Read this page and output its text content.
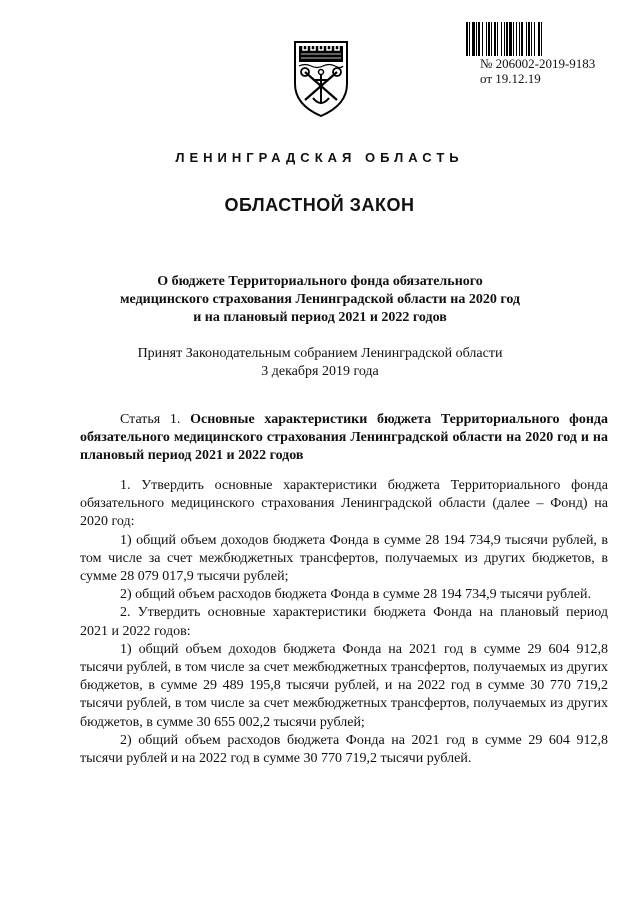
№ 206002-2019-9183
от 19.12.19
ЛЕНИНГРАДСКАЯ ОБЛАСТЬ
ОБЛАСТНОЙ ЗАКОН
О бюджете Территориального фонда обязательного медицинского страхования Ленинградской области на 2020 год и на плановый период 2021 и 2022 годов
Принят Законодательным собранием Ленинградской области
3 декабря 2019 года
Статья 1. Основные характеристики бюджета Территориального фонда обязательного медицинского страхования Ленинградской области на 2020 год и на плановый период 2021 и 2022 годов

1. Утвердить основные характеристики бюджета Территориального фонда обязательного медицинского страхования Ленинградской области (далее – Фонд) на 2020 год:

1) общий объем доходов бюджета Фонда в сумме 28 194 734,9 тысячи рублей, в том числе за счет межбюджетных трансфертов, получаемых из других бюджетов, в сумме 28 079 017,9 тысячи рублей;

2) общий объем расходов бюджета Фонда в сумме 28 194 734,9 тысячи рублей.

2. Утвердить основные характеристики бюджета Фонда на плановый период 2021 и 2022 годов:

1) общий объем доходов бюджета Фонда на 2021 год в сумме 29 604 912,8 тысячи рублей, в том числе за счет межбюджетных трансфертов, получаемых из других бюджетов, в сумме 29 489 195,8 тысячи рублей, и на 2022 год в сумме 30 770 719,2 тысячи рублей, в том числе за счет межбюджетных трансфертов, получаемых из других бюджетов, в сумме 30 655 002,2 тысячи рублей;

2) общий объем расходов бюджета Фонда на 2021 год в сумме 29 604 912,8 тысячи рублей и на 2022 год в сумме 30 770 719,2 тысячи рублей.
